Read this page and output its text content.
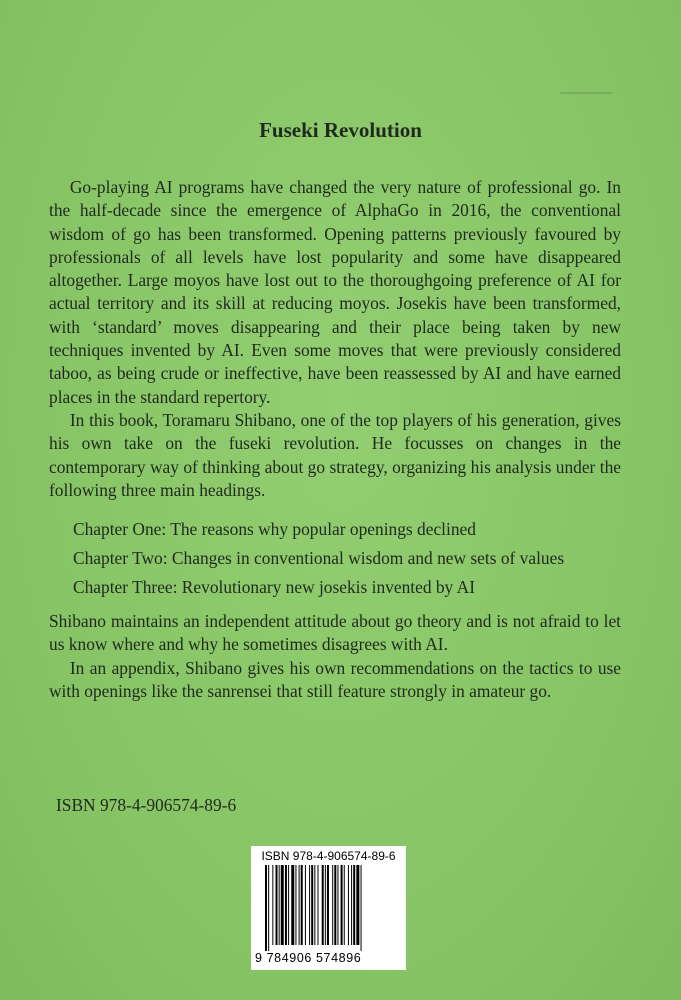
Fuseki Revolution

Go-playing AI programs have changed the very nature of professional go. In the half-decade since the emergence of AlphaGo in 2016, the conventional wisdom of go has been transformed. Opening patterns previously favoured by professionals of all levels have lost popularity and some have disappeared altogether. Large moyos have lost out to the thoroughgoing preference of AI for actual territory and its skill at reducing moyos. Josekis have been transformed, with ‘standard’ moves disappearing and their place being taken by new techniques invented by AI. Even some moves that were previously considered taboo, as being crude or ineffective, have been reassessed by AI and have earned places in the standard repertory.

In this book, Toramaru Shibano, one of the top players of his generation, gives his own take on the fuseki revolution. He focusses on changes in the contemporary way of thinking about go strategy, organizing his analysis under the following three main headings.

Chapter One: The reasons why popular openings declined
Chapter Two: Changes in conventional wisdom and new sets of values
Chapter Three: Revolutionary new josekis invented by AI

Shibano maintains an independent attitude about go theory and is not afraid to let us know where and why he sometimes disagrees with AI.

In an appendix, Shibano gives his own recommendations on the tactics to use with openings like the sanrensei that still feature strongly in amateur go.

ISBN 978-4-906574-89-6
ISBN 978-4-906574-89-6
9 784906 574896
